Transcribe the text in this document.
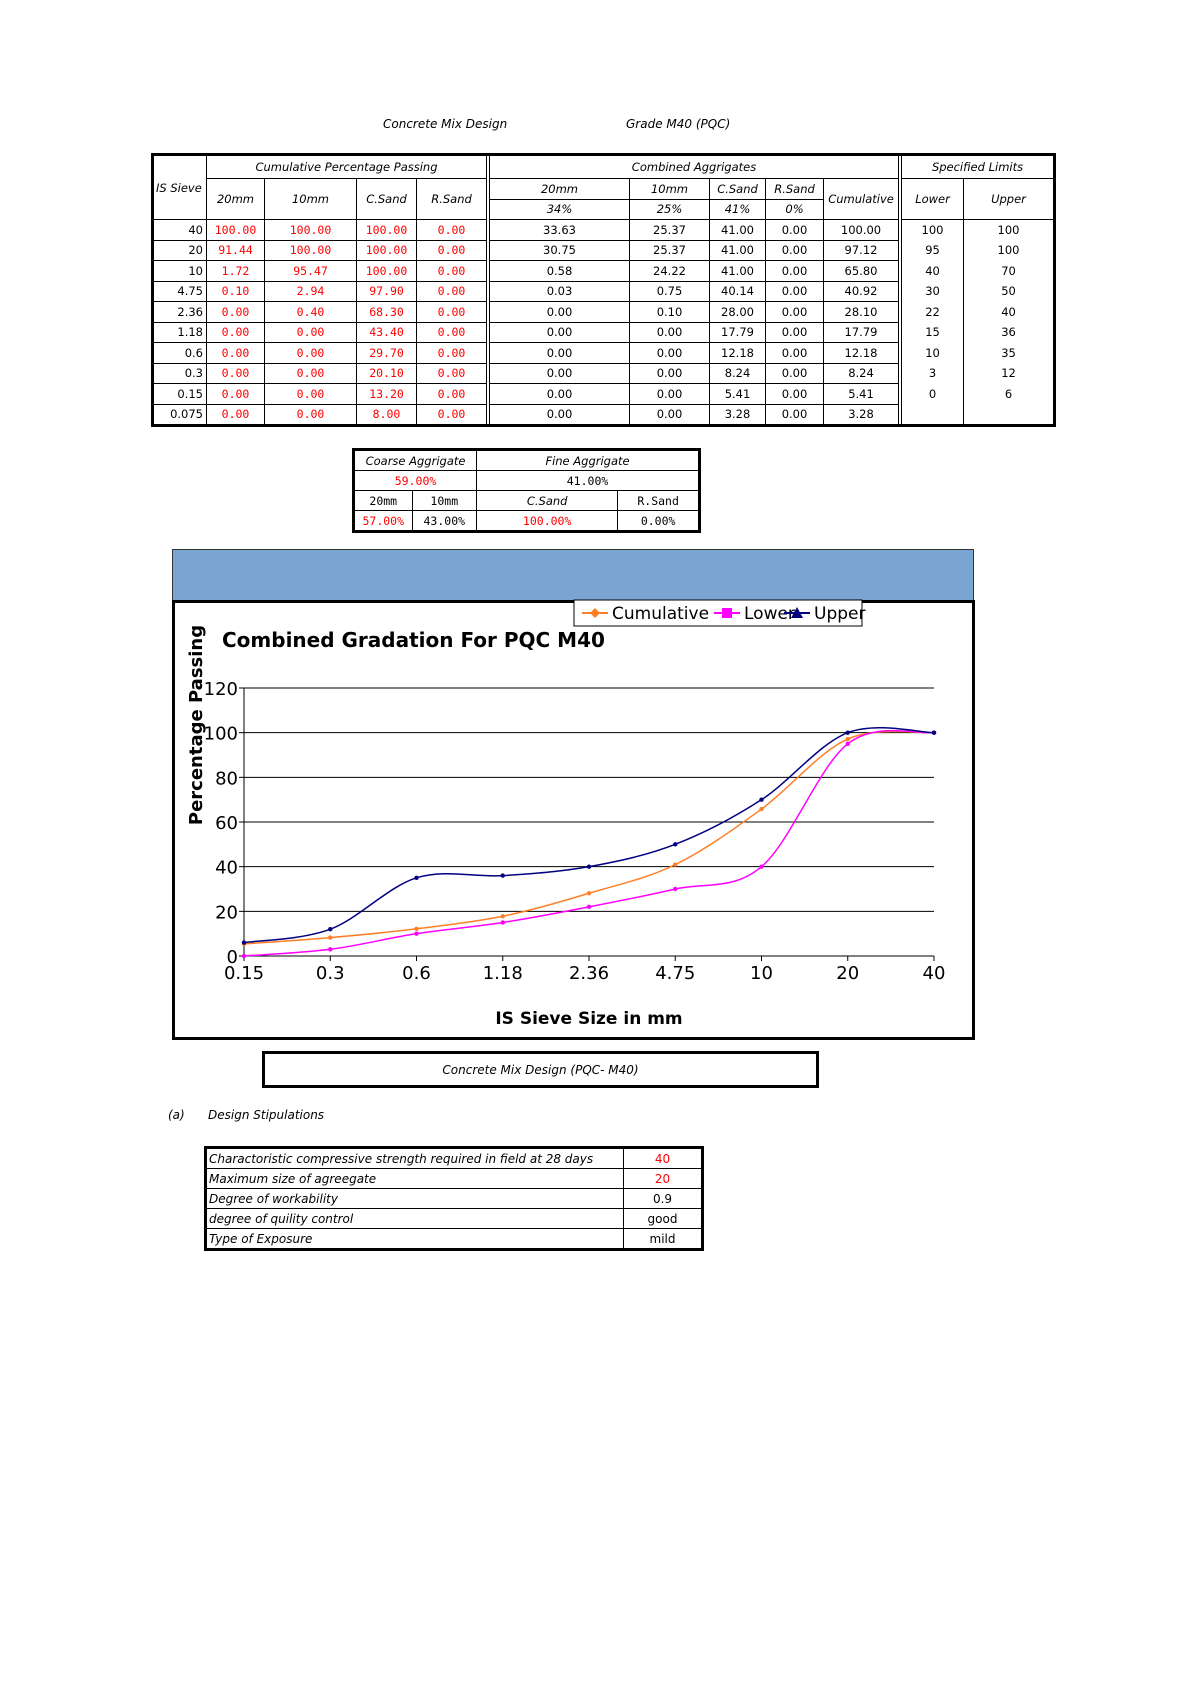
Concrete Mix Design	Grade M40 (PQC)
IS Sieve	Cumulative Percentage Passing					Combined Aggrigates						Specified Limits	
	20mm	10mm	C.Sand	R.Sand		20mm	10mm	C.Sand	R.Sand	Cumulative		Lower	Upper
						34%	25%	41%	0%				
40	100.00	100.00	100.00	0.00		33.63	25.37	41.00	0.00	100.00		100	100
20	91.44	100.00	100.00	0.00		30.75	25.37	41.00	0.00	97.12		95	100
10	1.72	95.47	100.00	0.00		0.58	24.22	41.00	0.00	65.80		40	70
4.75	0.10	2.94	97.90	0.00		0.03	0.75	40.14	0.00	40.92		30	50
2.36	0.00	0.40	68.30	0.00		0.00	0.10	28.00	0.00	28.10		22	40
1.18	0.00	0.00	43.40	0.00		0.00	0.00	17.79	0.00	17.79		15	36
0.6	0.00	0.00	29.70	0.00		0.00	0.00	12.18	0.00	12.18		10	35
0.3	0.00	0.00	20.10	0.00		0.00	0.00	8.24	0.00	8.24		3	12
0.15	0.00	0.00	13.20	0.00		0.00	0.00	5.41	0.00	5.41		0	6
0.075	0.00	0.00	8.00	0.00		0.00	0.00	3.28	0.00	3.28			
Coarse Aggrigate		Fine Aggrigate	
59.00%		41.00%	
20mm	10mm	C.Sand	R.Sand
57.00%	43.00%	100.00%	0.00%
Combined Gradation For PQC M40
Percentage Passing
IS Sieve Size in mm
0
20
40
60
80
100
120
0.15	0.3	0.6	1.18	2.36	4.75	10	20	40
Cumulative Lower Upper
Concrete Mix Design (PQC- M40)
(a) Design Stipulations
Charactoristic compressive strength required in field at 28 days	40
Maximum size of agreegate	20
Degree of workability	0.9
degree of quility control	good
Type of Exposure	mild
